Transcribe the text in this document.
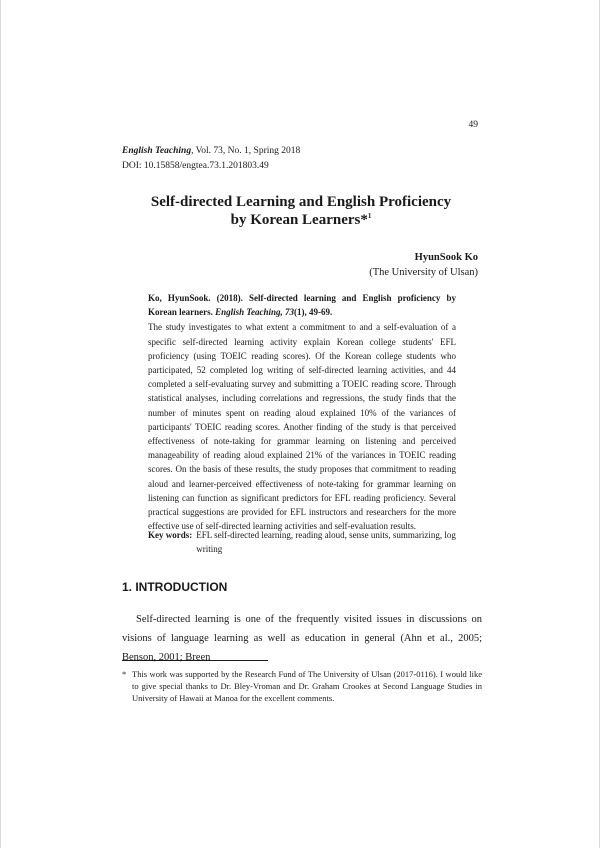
49
English Teaching, Vol. 73, No. 1, Spring 2018
DOI: 10.15858/engtea.73.1.201803.49
Self-directed Learning and English Proficiency
by Korean Learners*$^1$
HyunSook Ko
(The University of Ulsan)
Ko, HyunSook. (2018). Self-directed learning and English proficiency by Korean learners. English Teaching, 73(1), 49-69.

The study investigates to what extent a commitment to and a self-evaluation of a specific self-directed learning activity explain Korean college students' EFL proficiency (using TOEIC reading scores). Of the Korean college students who participated, 52 completed log writing of self-directed learning activities, and 44 completed a self-evaluating survey and submitting a TOEIC reading score. Through statistical analyses, including correlations and regressions, the study finds that the number of minutes spent on reading aloud explained 10% of the variances of participants' TOEIC reading scores. Another finding of the study is that perceived effectiveness of note-taking for grammar learning on listening and perceived manageability of reading aloud explained 21% of the variances in TOEIC reading scores. On the basis of these results, the study proposes that commitment to reading aloud and learner-perceived effectiveness of note-taking for grammar learning on listening can function as significant predictors for EFL reading proficiency. Several practical suggestions are provided for EFL instructors and researchers for the more effective use of self-directed learning activities and self-evaluation results.

Key words: EFL self-directed learning, reading aloud, sense units, summarizing, log writing
1. INTRODUCTION

Self-directed learning is one of the frequently visited issues in discussions on visions of language learning as well as education in general (Ahn et al., 2005; Benson, 2001; Breen

* This work was supported by the Research Fund of The University of Ulsan (2017-0116). I would like to give special thanks to Dr. Bley-Vroman and Dr. Graham Crookes at Second Language Studies in University of Hawaii at Manoa for the excellent comments.
